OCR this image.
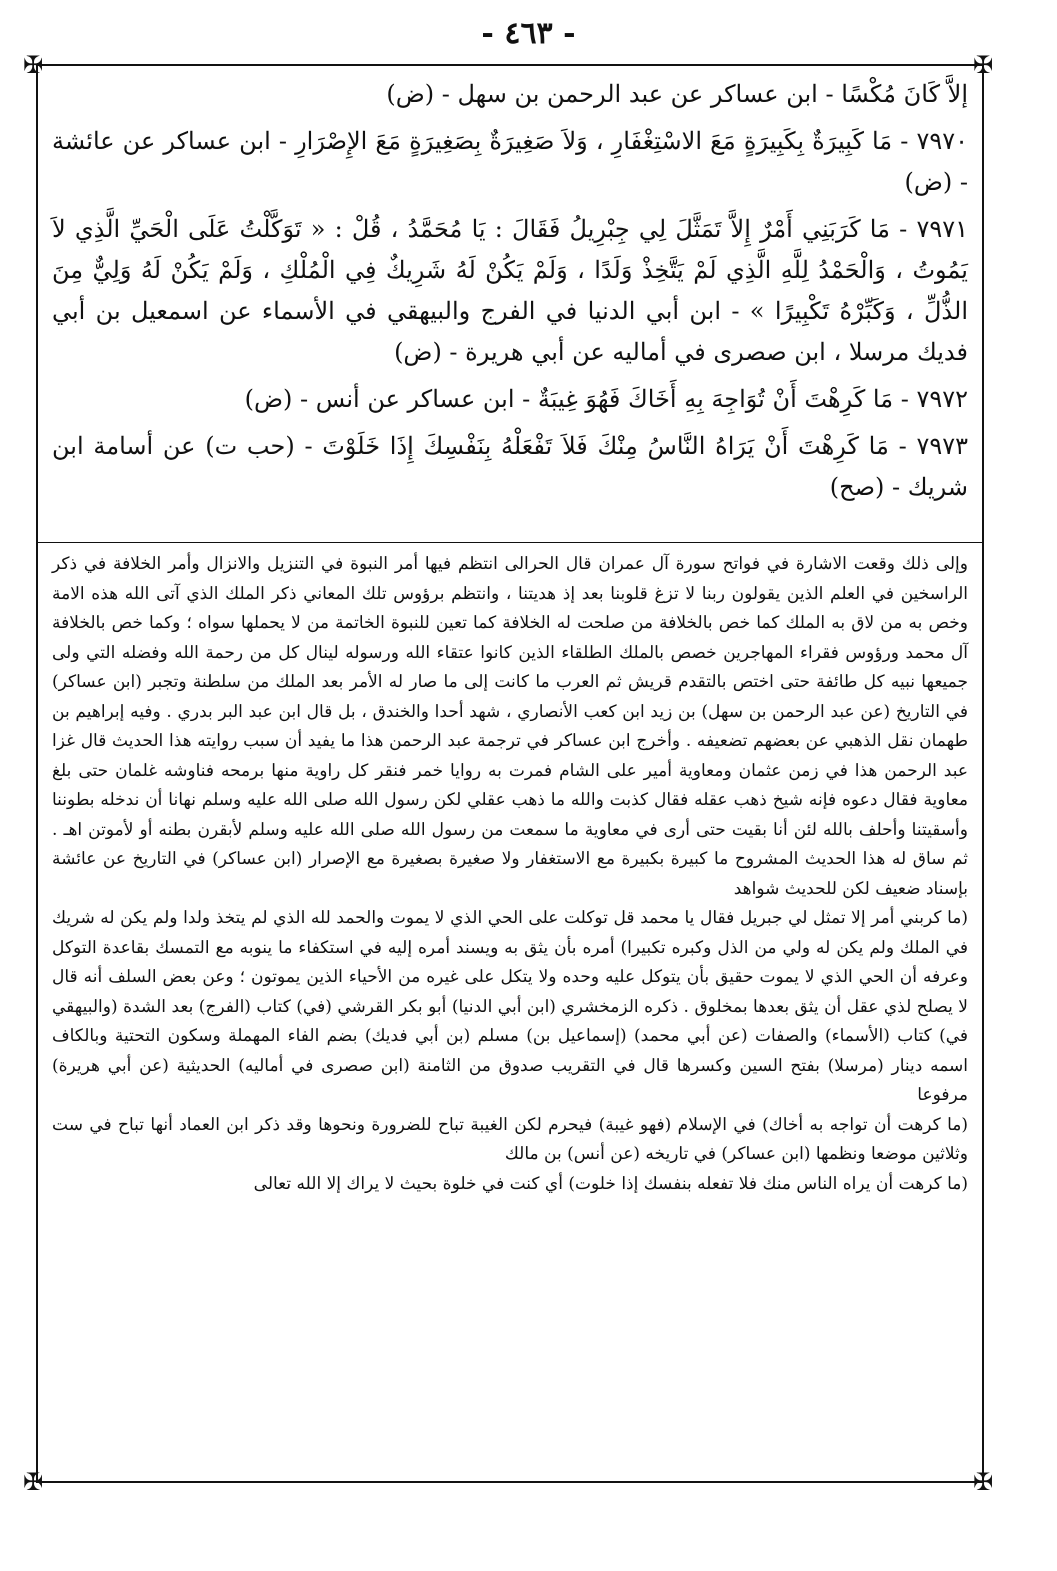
- ٤٦٣ -
✠	✠
✠	✠

إلاَّ كَانَ مُكْسًا - ابن عساكر عن عبد الرحمن بن سهل - (ض)

٧٩٧٠ - مَا كَبِيرَةٌ بِكَبِيرَةٍ مَعَ الاسْتِغْفَارِ ، وَلاَ صَغِيرَةٌ بِصَغِيرَةٍ مَعَ الإِصْرَارِ - ابن عساكر عن عائشة - (ض)

٧٩٧١ - مَا كَرَبَنِي أَمْرٌ إِلاَّ تَمَثَّلَ لِي جِبْرِيلُ فَقَالَ : يَا مُحَمَّدُ ، قُلْ : « تَوَكَّلْتُ عَلَى الْحَيِّ الَّذِي لاَ يَمُوتُ ، وَالْحَمْدُ لِلَّهِ الَّذِي لَمْ يَتَّخِذْ وَلَدًا ، وَلَمْ يَكُنْ لَهُ شَرِيكٌ فِي الْمُلْكِ ، وَلَمْ يَكُنْ لَهُ وَلِيٌّ مِنَ الذُّلِّ ، وَكَبِّرْهُ تَكْبِيرًا » - ابن أبي الدنيا في الفرج والبيهقي في الأسماء عن اسمعيل بن أبي فديك مرسلا ، ابن صصرى في أماليه عن أبي هريرة - (ض)

٧٩٧٢ - مَا كَرِهْتَ أَنْ تُوَاجِهَ بِهِ أَخَاكَ فَهُوَ غِيبَةٌ - ابن عساكر عن أنس - (ض)

٧٩٧٣ - مَا كَرِهْتَ أَنْ يَرَاهُ النَّاسُ مِنْكَ فَلاَ تَفْعَلْهُ بِنَفْسِكَ إِذَا خَلَوْتَ - (حب ت) عن أسامة ابن شريك - (صح)

وإلى ذلك وقعت الاشارة في فواتح سورة آل عمران قال الحرالى انتظم فيها أمر النبوة في التنزيل والانزال وأمر الخلافة في ذكر الراسخين في العلم الذين يقولون ربنا لا تزغ قلوبنا بعد إذ هديتنا ، وانتظم برؤوس تلك المعاني ذكر الملك الذي آتى الله هذه الامة وخص به من لاق به الملك كما خص بالخلافة من صلحت له الخلافة كما تعين للنبوة الخاتمة من لا يحملها سواه ؛ وكما خص بالخلافة آل محمد ورؤوس فقراء المهاجرين خصص بالملك الطلقاء الذين كانوا عتقاء الله ورسوله لينال كل من رحمة الله وفضله التي ولى جميعها نبيه كل طائفة حتى اختص بالتقدم قريش ثم العرب ما كانت إلى ما صار له الأمر بعد الملك من سلطنة وتجبر (ابن عساكر) في التاريخ (عن عبد الرحمن بن سهل) بن زيد ابن كعب الأنصاري ، شهد أحدا والخندق ، بل قال ابن عبد البر بدري . وفيه إبراهيم بن طهمان نقل الذهبي عن بعضهم تضعيفه . وأخرج ابن عساكر في ترجمة عبد الرحمن هذا ما يفيد أن سبب روايته هذا الحديث قال غزا عبد الرحمن هذا في زمن عثمان ومعاوية أمير على الشام فمرت به روايا خمر فنقر كل راوية منها برمحه فناوشه غلمان حتى بلغ معاوية فقال دعوه فإنه شيخ ذهب عقله فقال كذبت والله ما ذهب عقلي لكن رسول الله صلى الله عليه وسلم نهانا أن ندخله بطوننا وأسقيتنا وأحلف بالله لئن أنا بقيت حتى أرى في معاوية ما سمعت من رسول الله صلى الله عليه وسلم لأبقرن بطنه أو لأموتن اهـ . ثم ساق له هذا الحديث المشروح ما كبيرة بكبيرة مع الاستغفار ولا صغيرة بصغيرة مع الإصرار (ابن عساكر) في التاريخ عن عائشة بإسناد ضعيف لكن للحديث شواهد

(ما كربني أمر إلا تمثل لي جبريل فقال يا محمد قل توكلت على الحي الذي لا يموت والحمد لله الذي لم يتخذ ولدا ولم يكن له شريك في الملك ولم يكن له ولي من الذل وكبره تكبيرا) أمره بأن يثق به ويسند أمره إليه في استكفاء ما ينوبه مع التمسك بقاعدة التوكل وعرفه أن الحي الذي لا يموت حقيق بأن يتوكل عليه وحده ولا يتكل على غيره من الأحياء الذين يموتون ؛ وعن بعض السلف أنه قال لا يصلح لذي عقل أن يثق بعدها بمخلوق . ذكره الزمخشري (ابن أبي الدنيا) أبو بكر القرشي (في) كتاب (الفرج) بعد الشدة (والبيهقي في) كتاب (الأسماء) والصفات (عن أبي محمد) (إسماعيل بن) مسلم (بن أبي فديك) بضم الفاء المهملة وسكون التحتية وبالكاف اسمه دينار (مرسلا) بفتح السين وكسرها قال في التقريب صدوق من الثامنة (ابن صصرى في أماليه) الحديثية (عن أبي هريرة) مرفوعا

(ما كرهت أن تواجه به أخاك) في الإسلام (فهو غيبة) فيحرم لكن الغيبة تباح للضرورة ونحوها وقد ذكر ابن العماد أنها تباح في ست وثلاثين موضعا ونظمها (ابن عساكر) في تاريخه (عن أنس) بن مالك

(ما كرهت أن يراه الناس منك فلا تفعله بنفسك إذا خلوت) أي كنت في خلوة بحيث لا يراك إلا الله تعالى
